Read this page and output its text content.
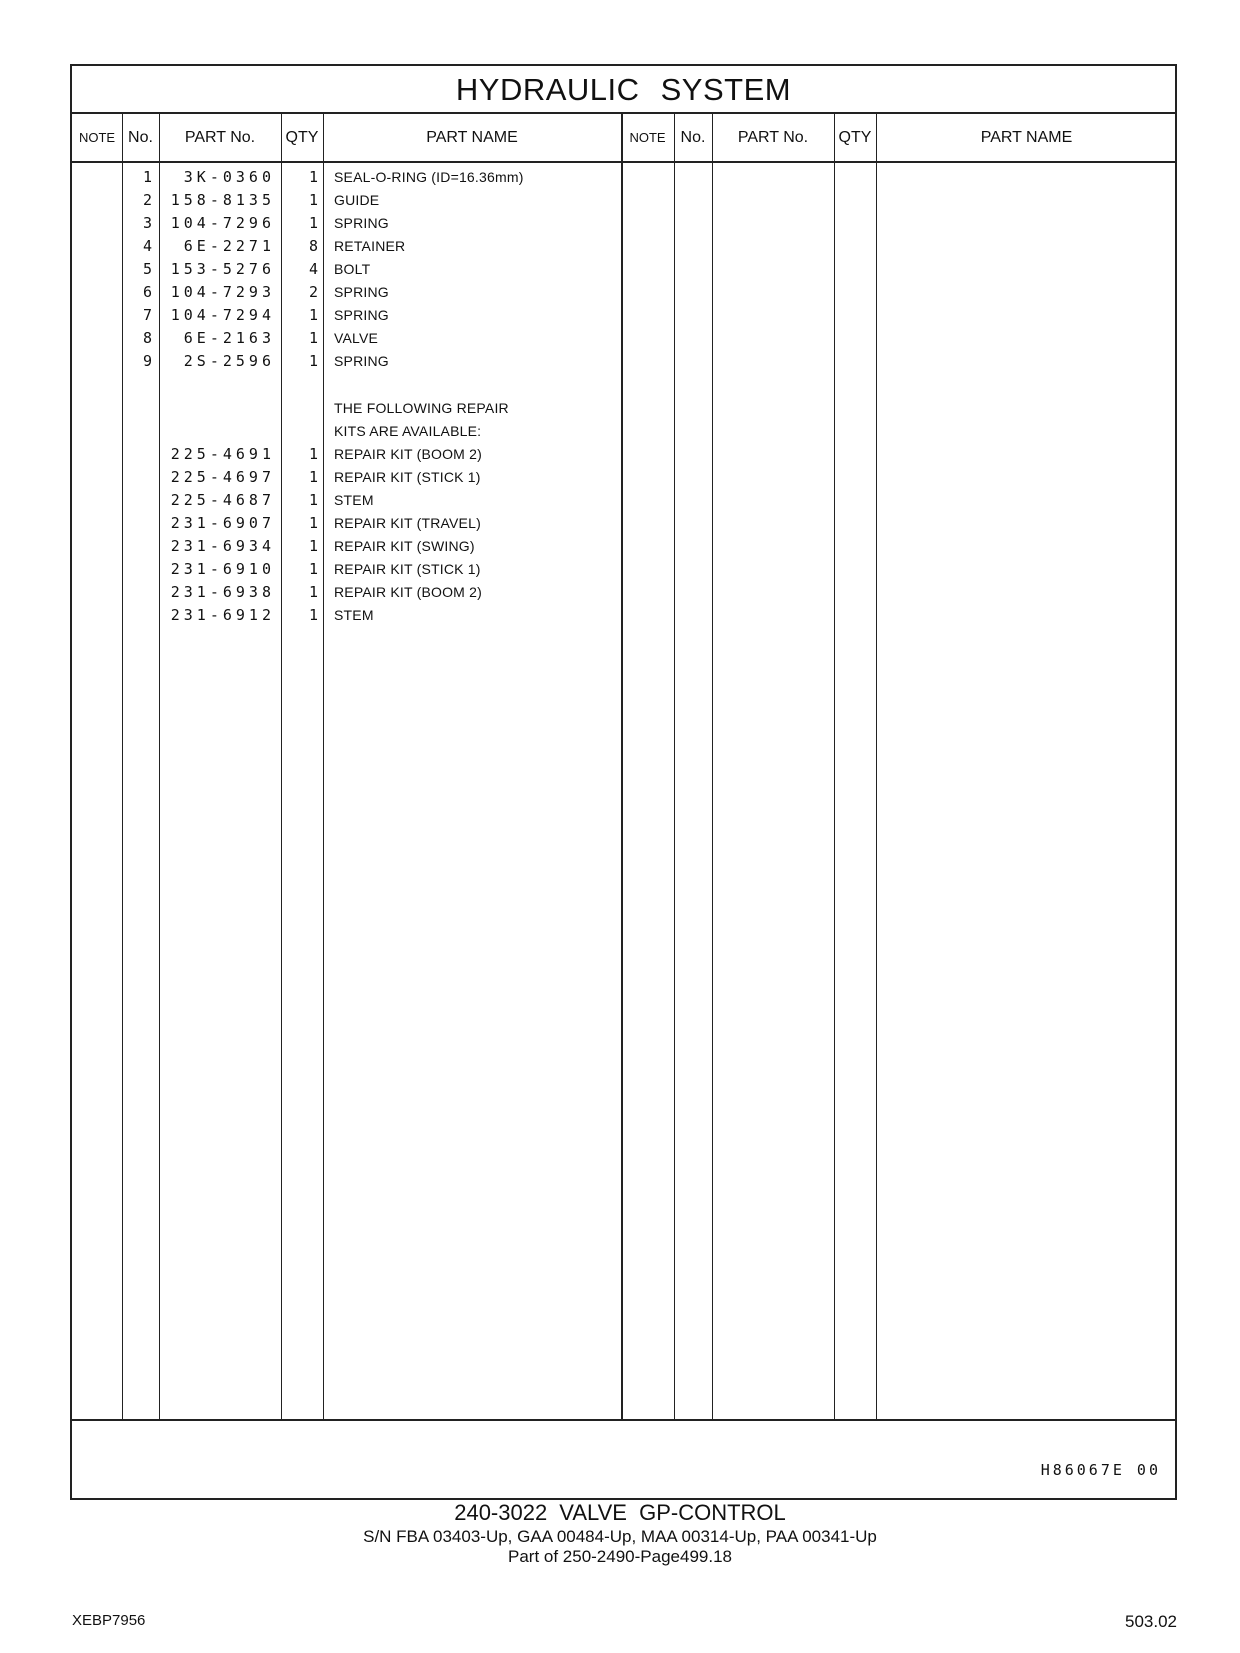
HYDRAULIC SYSTEM
NOTE No.	PART No.	QTY	PART NAME	NOTE No.	PART No.	QTY	PART NAME
1	3K-0360	1 SEAL-O-RING (ID=16.36mm)
2	158-8135	1 GUIDE
3	104-7296	1 SPRING
4	6E-2271	8 RETAINER
5	153-5276	4 BOLT
6	104-7293	2 SPRING
7	104-7294	1 SPRING
8	6E-2163	1 VALVE
9	2S-2596	1 SPRING
THE FOLLOWING REPAIR
KITS ARE AVAILABLE:
225-4691	1 REPAIR KIT (BOOM 2)
225-4697	1 REPAIR KIT (STICK 1)
225-4687	1 STEM
231-6907	1 REPAIR KIT (TRAVEL)
231-6934	1 REPAIR KIT (SWING)
231-6910	1 REPAIR KIT (STICK 1)
231-6938	1 REPAIR KIT (BOOM 2)
231-6912	1 STEM
H86067E 00
240-3022 VALVE GP-CONTROL
S/N FBA 03403-Up, GAA 00484-Up, MAA 00314-Up, PAA 00341-Up
Part of 250-2490-Page499.18
XEBP7956	503.02
